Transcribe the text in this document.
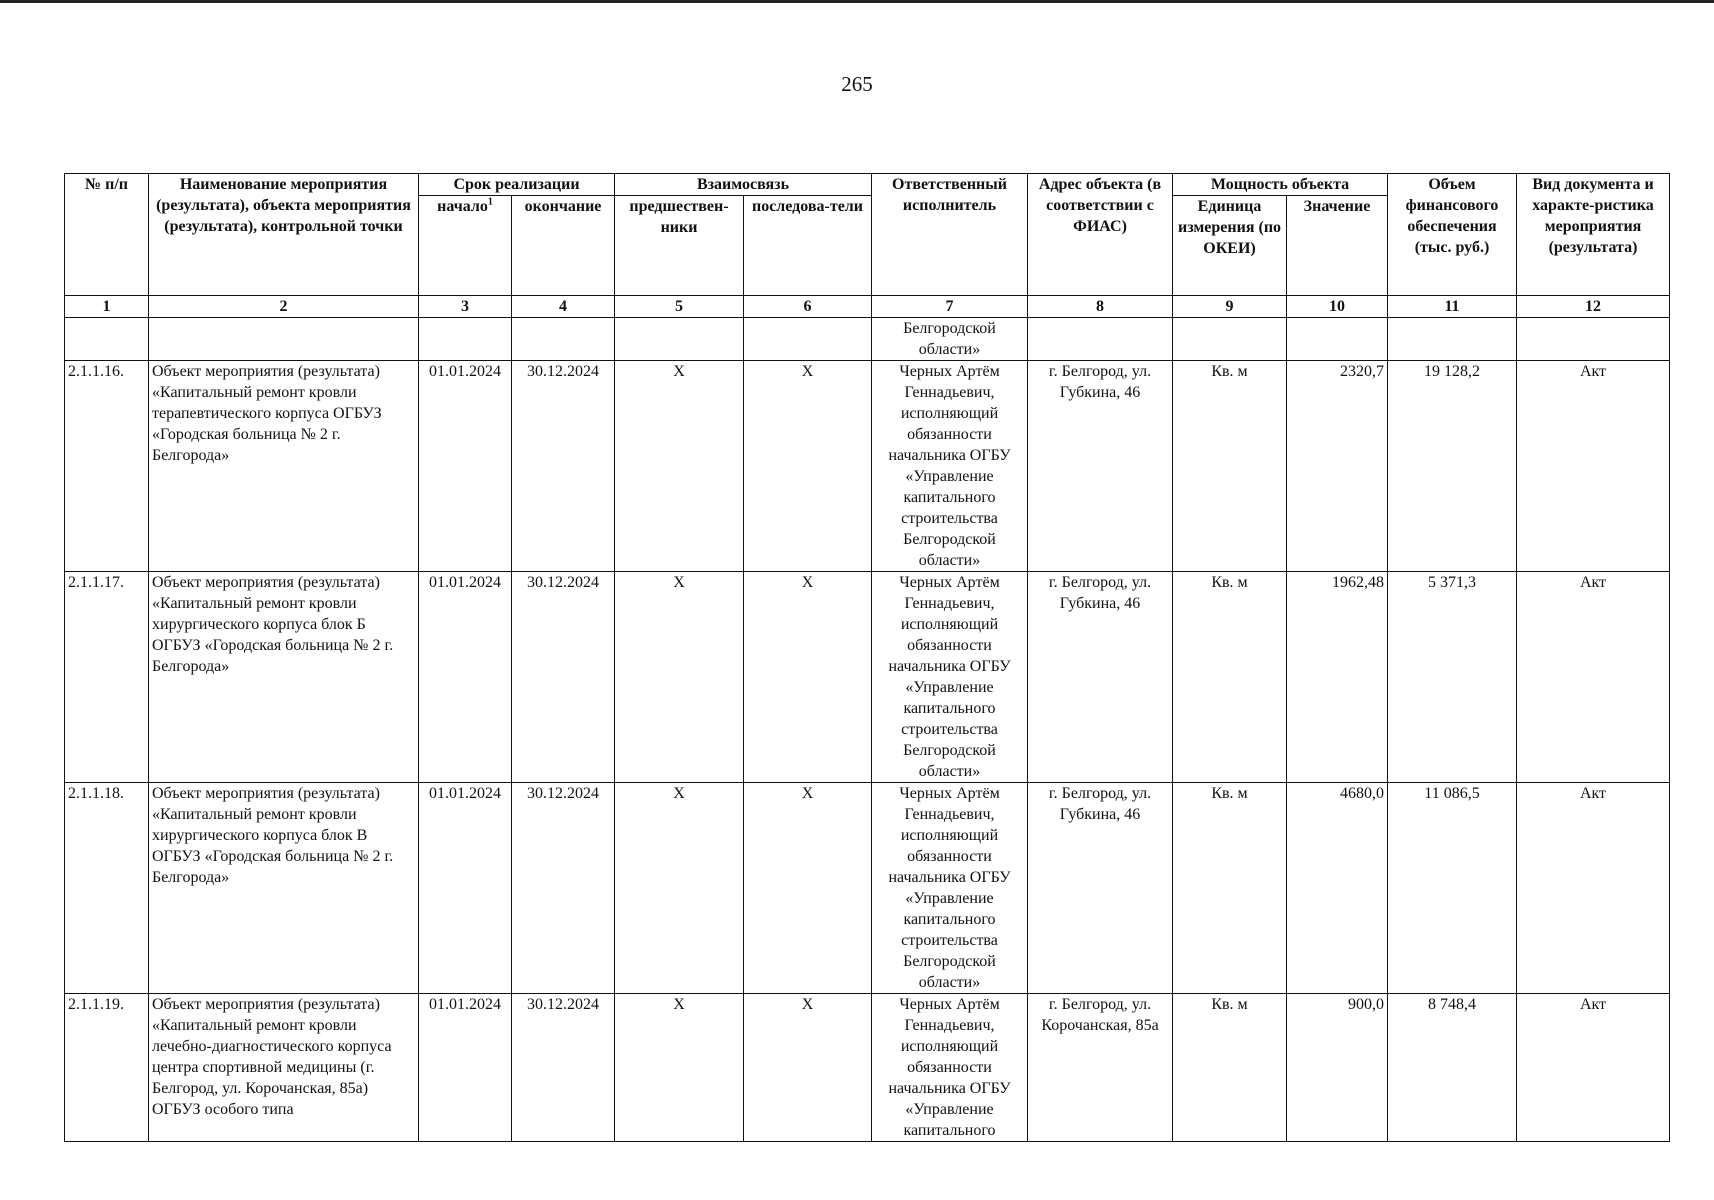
265
№ п/п	Наименование мероприятия (результата), объекта мероприятия (результата), контрольной точки	Срок реализации		Взаимосвязь		Ответственный исполнитель	Адрес объекта (в соответствии с ФИАС)	Мощность объекта		Объем финансового обеспечения (тыс. руб.)	Вид документа и характе-ристика мероприятия (результата)
		начало$^1$	окончание	предшествен-ники	последова-тели			Единица измерения (по ОКЕИ)	Значение		
1	2	3	4	5	6	7	8	9	10	11	12
						Белгородской области»					
2.1.1.16.	Объект мероприятия (результата) «Капитальный ремонт кровли терапевтического корпуса ОГБУЗ «Городская больница № 2 г. Белгорода»	01.01.2024	30.12.2024	X	X	Черных Артём Геннадьевич, исполняющий обязанности начальника ОГБУ «Управление капитального строительства Белгородской области»	г. Белгород, ул. Губкина, 46	Кв. м	2320,7	19 128,2	Акт
2.1.1.17.	Объект мероприятия (результата) «Капитальный ремонт кровли хирургического корпуса блок Б ОГБУЗ «Городская больница № 2 г. Белгорода»	01.01.2024	30.12.2024	X	X	Черных Артём Геннадьевич, исполняющий обязанности начальника ОГБУ «Управление капитального строительства Белгородской области»	г. Белгород, ул. Губкина, 46	Кв. м	1962,48	5 371,3	Акт
2.1.1.18.	Объект мероприятия (результата) «Капитальный ремонт кровли хирургического корпуса блок В ОГБУЗ «Городская больница № 2 г. Белгорода»	01.01.2024	30.12.2024	X	X	Черных Артём Геннадьевич, исполняющий обязанности начальника ОГБУ «Управление капитального строительства Белгородской области»	г. Белгород, ул. Губкина, 46	Кв. м	4680,0	11 086,5	Акт
2.1.1.19.	Объект мероприятия (результата) «Капитальный ремонт кровли лечебно-диагностического корпуса центра спортивной медицины (г. Белгород, ул. Корочанская, 85а) ОГБУЗ особого типа	01.01.2024	30.12.2024	X	X	Черных Артём Геннадьевич, исполняющий обязанности начальника ОГБУ «Управление капитального	г. Белгород, ул. Корочанская, 85а	Кв. м	900,0	8 748,4	Акт
